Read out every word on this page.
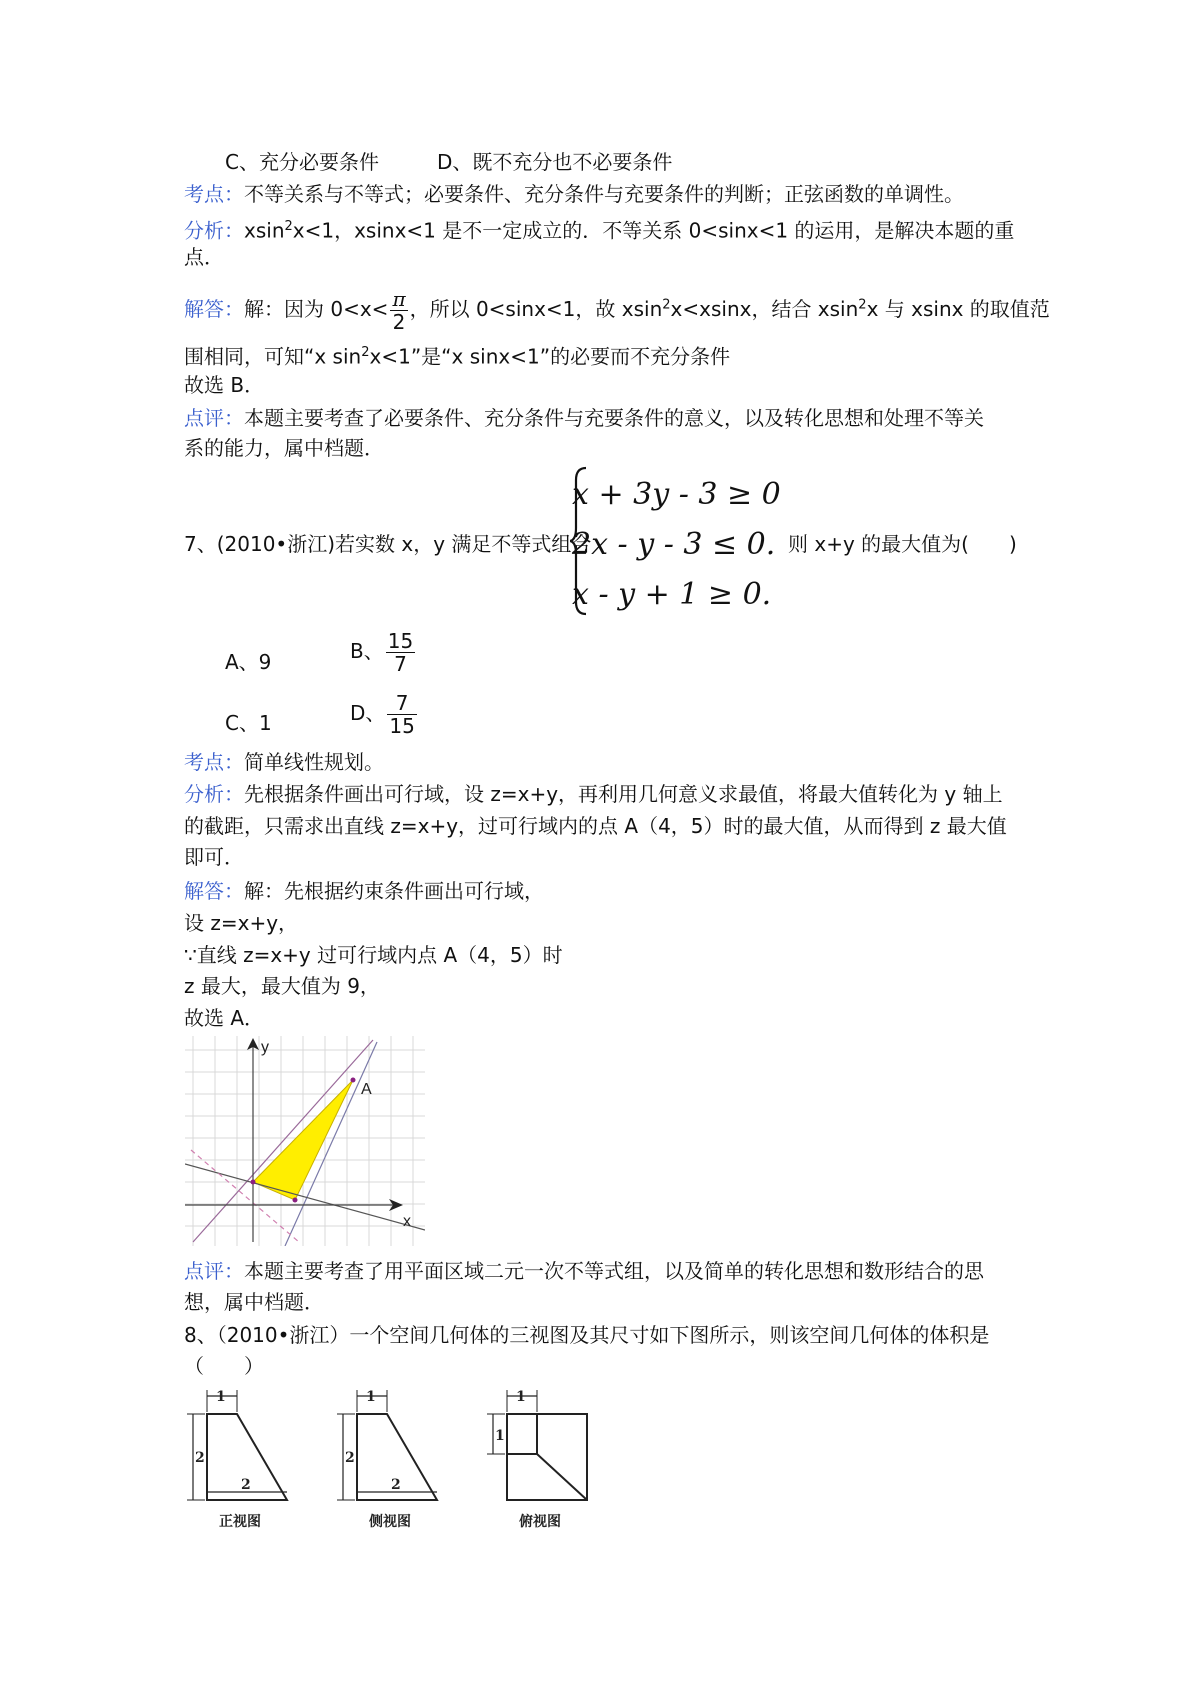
C、充分必要条件	D、既不充分也不必要条件
考点：不等关系与不等式；必要条件、充分条件与充要条件的判断；正弦函数的单调性。
分析：xsin$^2$x<1，xsinx<1 是不一定成立的．不等关系 0<sinx<1 的运用，是解决本题的重
点．
解答：解：因为 $0<x< \frac{\pi}{2}$ ，所以 0<sinx<1，故 xsin$^2$x<xsinx，结合 xsin$^2$x 与 xsinx 的取值范
围相同，可知“x $\sin^2x<1$”是“x sinx<1”的必要而不充分条件
故选 B．
点评：本题主要考查了必要条件、充分条件与充要条件的意义，以及转化思想和处理不等关
系的能力，属中档题．
7、(2010•浙江)若实数 x，y 满足不等式组合
x + 3y ‐ 3 ≥ 0
2x ‐ y ‐ 3 ≤ 0.
x ‐ y + 1 ≥ 0.
则 x+y 的最大值为(　　)
A、9	B、 $\frac{15}{7}$
C、1	D、 $\frac{7}{15}$
考点：简单线性规划。
分析：先根据条件画出可行域，设 z=x+y，再利用几何意义求最值，将最大值转化为 y 轴上
的截距，只需求出直线 z=x+y，过可行域内的点 A（4，5）时的最大值，从而得到 z 最大值
即可．
解答：解：先根据约束条件画出可行域，
设 z=x+y，
∵直线 z=x+y 过可行域内点 A（4，5）时
z 最大，最大值为 9，
故选 A．
y
x
A
点评：本题主要考查了用平面区域二元一次不等式组，以及简单的转化思想和数形结合的思
想，属中档题．
8、（2010•浙江）一个空间几何体的三视图及其尺寸如下图所示，则该空间几何体的体积是
（　　）
1
2
2
正视图
1
2
2
侧视图
1
1
俯视图
